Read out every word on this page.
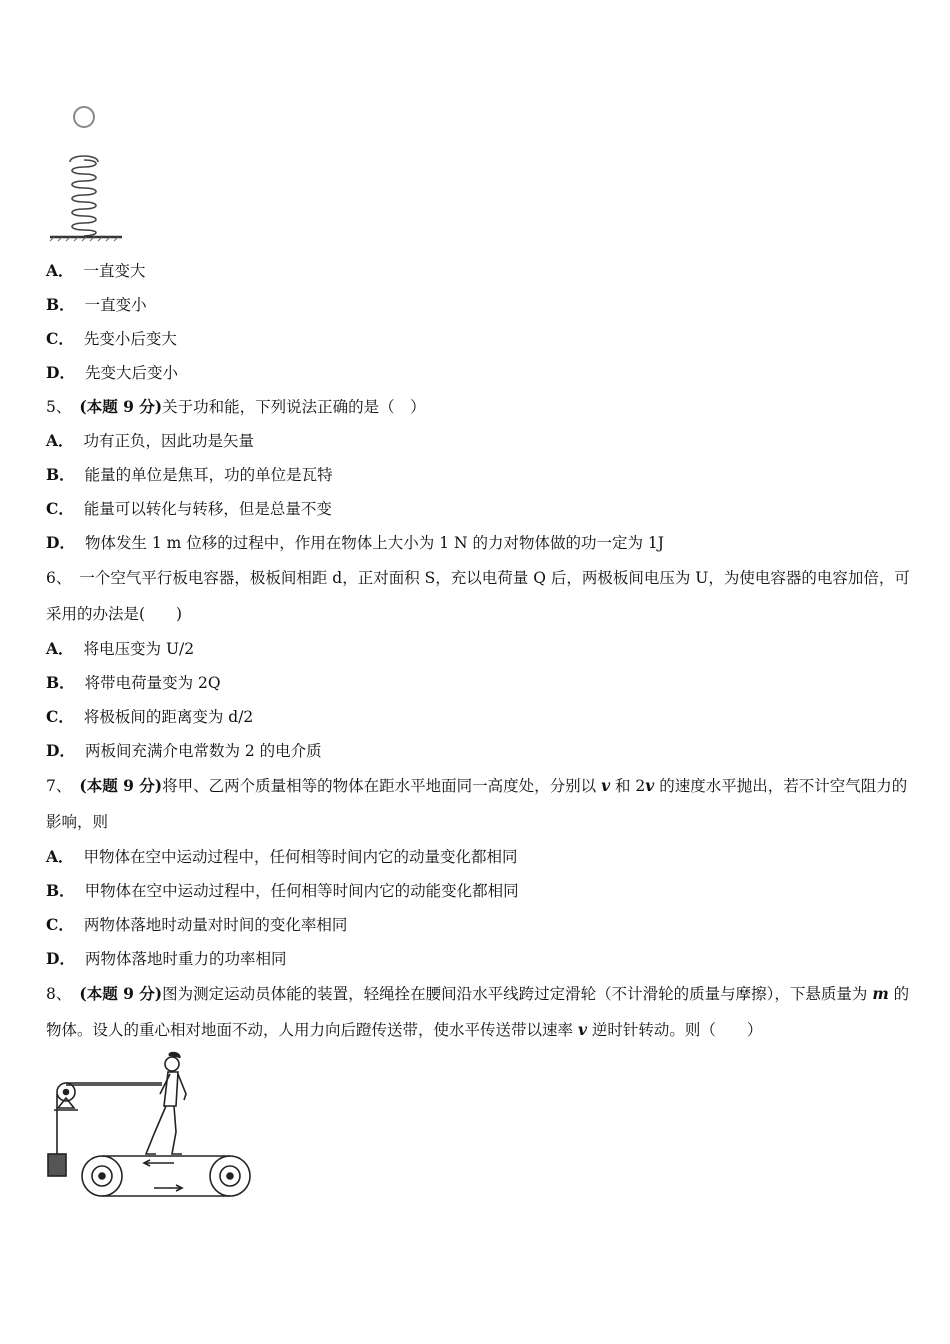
A． 一直变大
B． 一直变小
C． 先变小后变大
D． 先变大后变小
5、 (本题 9 分)关于功和能，下列说法正确的是（　）
A． 功有正负，因此功是矢量
B． 能量的单位是焦耳，功的单位是瓦特
C． 能量可以转化与转移，但是总量不变
D． 物体发生 1 m 位移的过程中，作用在物体上大小为 1 N 的力对物体做的功一定为 1J
6、 一个空气平行板电容器，极板间相距 d，正对面积 S，充以电荷量 Q 后，两极板间电压为 U，为使电容器的电容加倍，可采用的办法是(　　)
A． 将电压变为 U/2
B． 将带电荷量变为 2Q
C． 将极板间的距离变为 d/2
D． 两板间充满介电常数为 2 的电介质
7、 (本题 9 分)将甲、乙两个质量相等的物体在距水平地面同一高度处，分别以 v 和 2v 的速度水平抛出，若不计空气阻力的影响，则
A． 甲物体在空中运动过程中，任何相等时间内它的动量变化都相同
B． 甲物体在空中运动过程中，任何相等时间内它的动能变化都相同
C． 两物体落地时动量对时间的变化率相同
D． 两物体落地时重力的功率相同
8、 (本题 9 分)图为测定运动员体能的装置，轻绳拴在腰间沿水平线跨过定滑轮（不计滑轮的质量与摩擦），下悬质量为 m 的物体。设人的重心相对地面不动，人用力向后蹬传送带，使水平传送带以速率 v 逆时针转动。则（　　）
